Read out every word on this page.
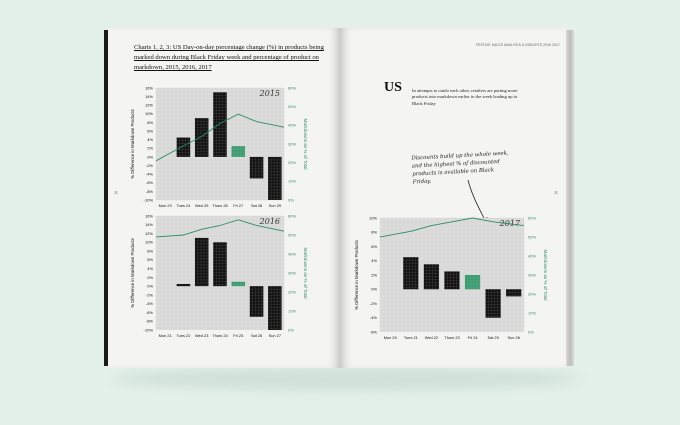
Charts 1, 2, 3: US Day-on-day percentage change (%) in products being marked down during Black Friday week and percentage of product on markdown, 2015, 2016, 2017
11
2015
16%
14%
12%
10%
8%
6%
4%
2%
0%
-2%
-4%
-6%
-8%
-10%
60%
50%
40%
30%
20%
10%
0%
% Difference in Markdown Products	Markdowns as % of Total
Mon 23 Tues 24 Wed 25 Thurs 26 Fri 27 Sat 28 Sun 29
2016
16%
14%
12%
10%
8%
6%
4%
2%
0%
-2%
-4%
-6%
-8%
-10%
60%
50%
40%
30%
20%
10%
0%
% Difference in Markdown Products	Markdowns as % of Total
Mon 21 Tues 22 Wed 23 Thurs 24 Fri 25 Sat 26 Sun 27
FESTIVE SALES ANALYSIS & INSIGHTS 2016 2017
US In attempts to outdo each other, retailers are putting more products into markdown earlier in the week leading up to Black Friday
Discounts build up the whole week, and the highest % of discounted products is available on Black Friday.
11
2017
10%
8%
6%
4%
2%
0%
-2%
-4%
-6%
60%
50%
40%
30%
20%
10%
0%
% Difference in Markdown Products	Markdowns as % of Total
Mon 20 Tues 21 Wed 22 Thurs 23 Fri 24	Sat 25 Sun 26
